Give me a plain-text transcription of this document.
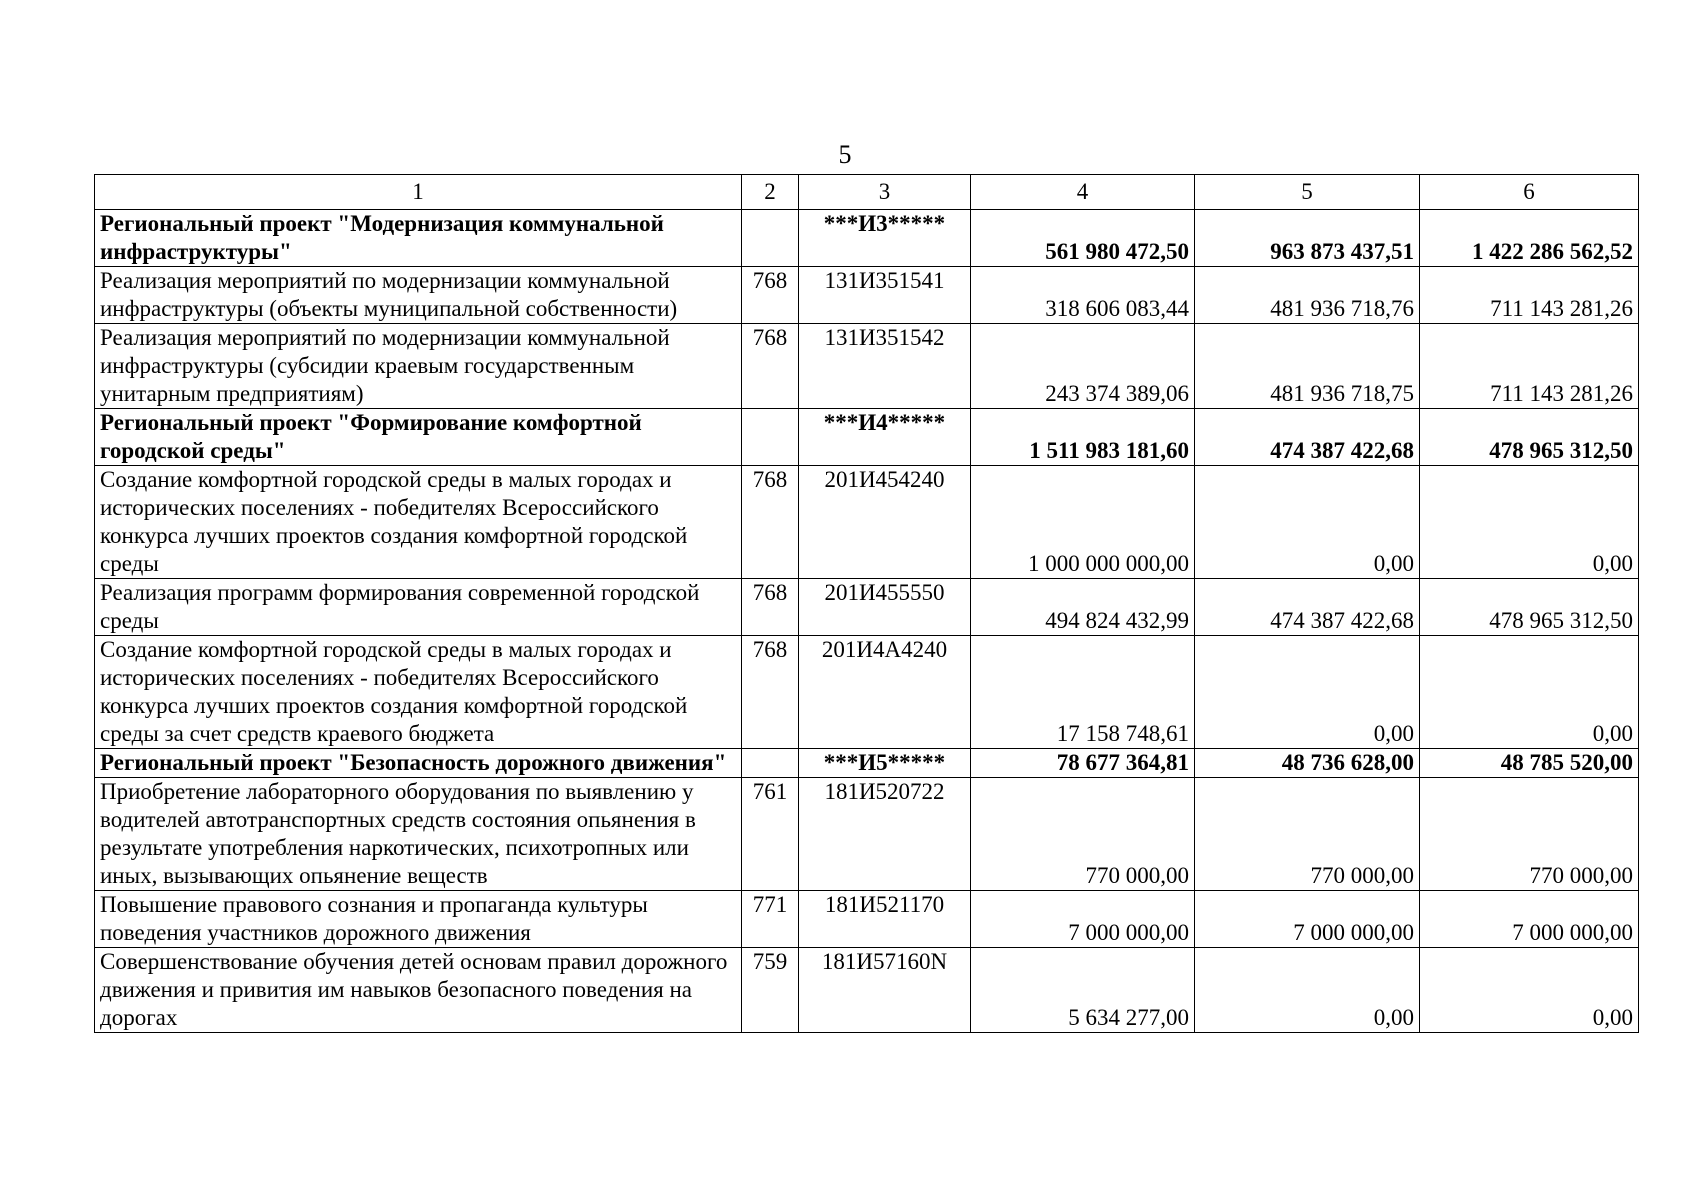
5
1	2	3	4	5	6
Региональный проект "Модернизация коммунальной инфраструктуры"		***И3*****	561 980 472,50	963 873 437,51	1 422 286 562,52
Реализация мероприятий по модернизации коммунальной инфраструктуры (объекты муниципальной собственности)	768	131И351541	318 606 083,44	481 936 718,76	711 143 281,26
Реализация мероприятий по модернизации коммунальной инфраструктуры (субсидии краевым государственным унитарным предприятиям)	768	131И351542	243 374 389,06	481 936 718,75	711 143 281,26
Региональный проект "Формирование комфортной городской среды"		***И4*****	1 511 983 181,60	474 387 422,68	478 965 312,50
Создание комфортной городской среды в малых городах и исторических поселениях - победителях Всероссийского конкурса лучших проектов создания комфортной городской среды	768	201И454240	1 000 000 000,00	0,00	0,00
Реализация программ формирования современной городской среды	768	201И455550	494 824 432,99	474 387 422,68	478 965 312,50
Создание комфортной городской среды в малых городах и исторических поселениях - победителях Всероссийского конкурса лучших проектов создания комфортной городской среды за счет средств краевого бюджета	768	201И4А4240	17 158 748,61	0,00	0,00
Региональный проект "Безопасность дорожного движения"		***И5*****	78 677 364,81	48 736 628,00	48 785 520,00
Приобретение лабораторного оборудования по выявлению у водителей автотранспортных средств состояния опьянения в результате употребления наркотических, психотропных или иных, вызывающих опьянение веществ	761	181И520722	770 000,00	770 000,00	770 000,00
Повышение правового сознания и пропаганда культуры поведения участников дорожного движения	771	181И521170	7 000 000,00	7 000 000,00	7 000 000,00
Совершенствование обучения детей основам правил дорожного движения и привития им навыков безопасного поведения на дорогах	759	181И57160N	5 634 277,00	0,00	0,00
